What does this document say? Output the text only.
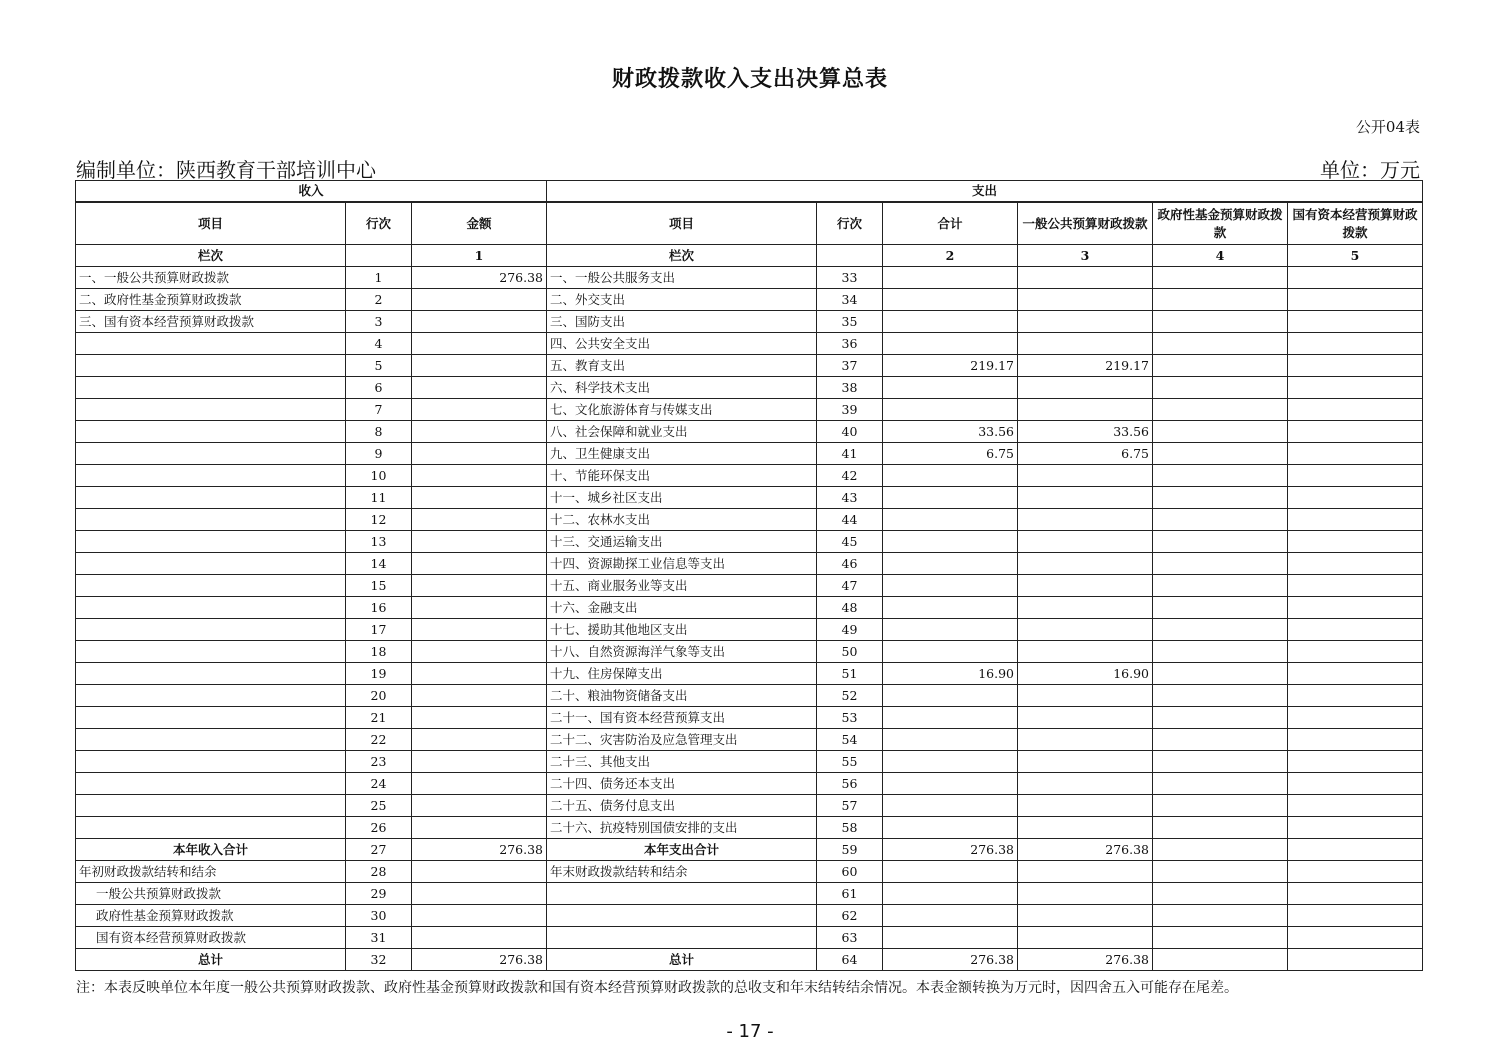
财政拨款收入支出决算总表
公开04表
编制单位：陕西教育干部培训中心	单位：万元
收入			支出					
项目	行次	金额	项目	行次	合计	一般公共预算财政拨款	政府性基金预算财政拨款	国有资本经营预算财政拨款
栏次		1	栏次		2	3	4	5
一、一般公共预算财政拨款	1	276.38	一、一般公共服务支出	33				
二、政府性基金预算财政拨款	2		二、外交支出	34				
三、国有资本经营预算财政拨款	3		三、国防支出	35				
	4		四、公共安全支出	36				
	5		五、教育支出	37	219.17	219.17		
	6		六、科学技术支出	38				
	7		七、文化旅游体育与传媒支出	39				
	8		八、社会保障和就业支出	40	33.56	33.56		
	9		九、卫生健康支出	41	6.75	6.75		
	10		十、节能环保支出	42				
	11		十一、城乡社区支出	43				
	12		十二、农林水支出	44				
	13		十三、交通运输支出	45				
	14		十四、资源勘探工业信息等支出	46				
	15		十五、商业服务业等支出	47				
	16		十六、金融支出	48				
	17		十七、援助其他地区支出	49				
	18		十八、自然资源海洋气象等支出	50				
	19		十九、住房保障支出	51	16.90	16.90		
	20		二十、粮油物资储备支出	52				
	21		二十一、国有资本经营预算支出	53				
	22		二十二、灾害防治及应急管理支出	54				
	23		二十三、其他支出	55				
	24		二十四、债务还本支出	56				
	25		二十五、债务付息支出	57				
	26		二十六、抗疫特别国债安排的支出	58				
本年收入合计	27	276.38	本年支出合计	59	276.38	276.38		
年初财政拨款结转和结余	28		年末财政拨款结转和结余	60				
一般公共预算财政拨款	29			61				
政府性基金预算财政拨款	30			62				
国有资本经营预算财政拨款	31			63				
总计	32	276.38	总计	64	276.38	276.38		
注：本表反映单位本年度一般公共预算财政拨款、政府性基金预算财政拨款和国有资本经营预算财政拨款的总收支和年末结转结余情况。本表金额转换为万元时，因四舍五入可能存在尾差。
- 17 -
